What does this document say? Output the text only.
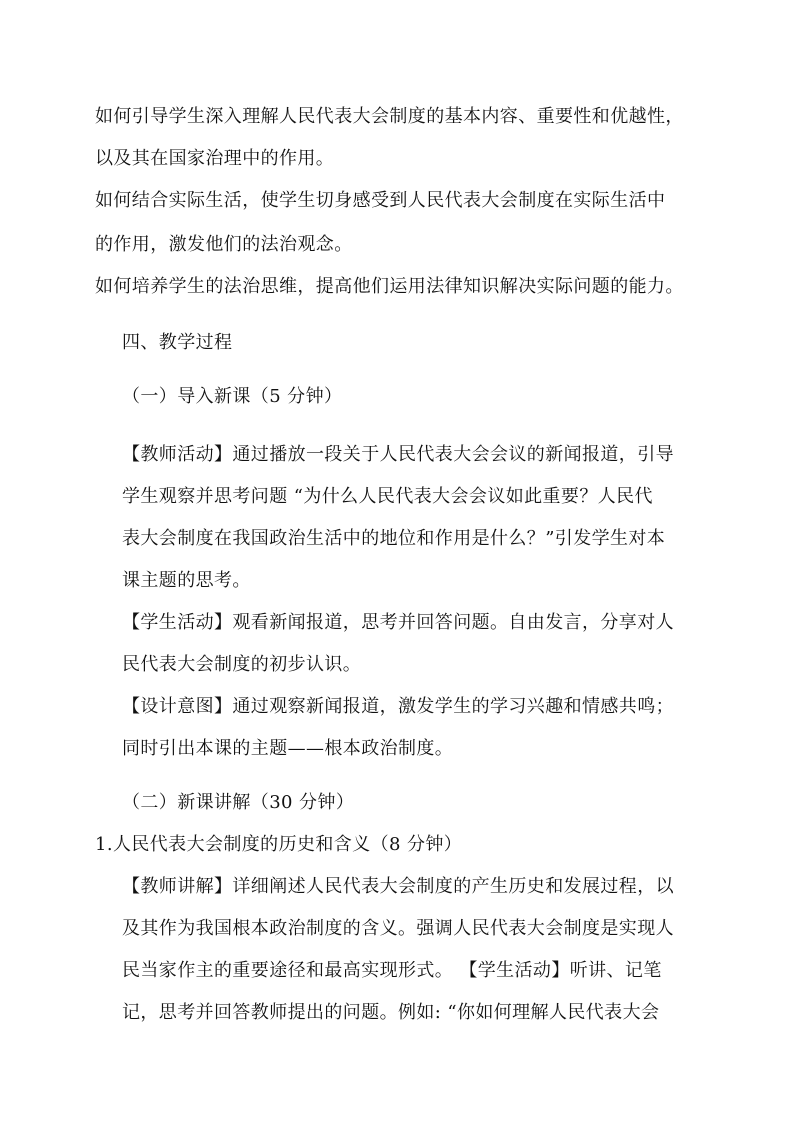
如何引导学生深入理解人民代表大会制度的基本内容、重要性和优越性，
以及其在国家治理中的作用。
如何结合实际生活，使学生切身感受到人民代表大会制度在实际生活中
的作用，激发他们的法治观念。
如何培养学生的法治思维，提高他们运用法律知识解决实际问题的能力。
四、教学过程
（一）导入新课（5 分钟）
【教师活动】通过播放一段关于人民代表大会会议的新闻报道，引导
学生观察并思考问题 “为什么人民代表大会会议如此重要？人民代
表大会制度在我国政治生活中的地位和作用是什么？”引发学生对本
课主题的思考。
【学生活动】观看新闻报道，思考并回答问题。自由发言，分享对人
民代表大会制度的初步认识。
【设计意图】通过观察新闻报道，激发学生的学习兴趣和情感共鸣；
同时引出本课的主题——根本政治制度。
（二）新课讲解（30 分钟）
1.人民代表大会制度的历史和含义（8 分钟）
【教师讲解】详细阐述人民代表大会制度的产生历史和发展过程，以
及其作为我国根本政治制度的含义。强调人民代表大会制度是实现人
民当家作主的重要途径和最高实现形式。 【学生活动】听讲、记笔
记，思考并回答教师提出的问题。例如: “你如何理解人民代表大会
